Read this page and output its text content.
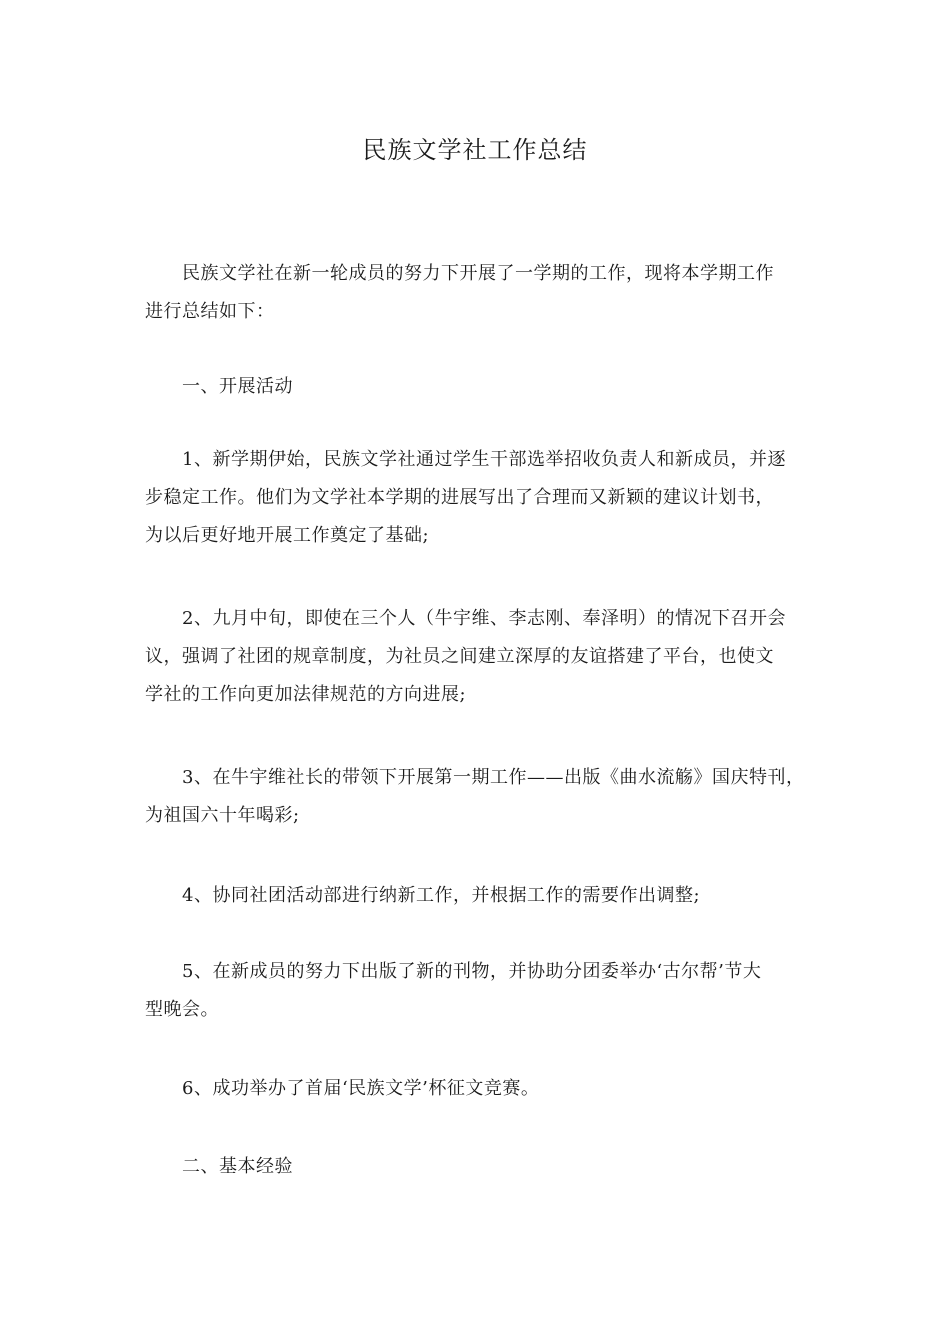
民族文学社工作总结
民族文学社在新一轮成员的努力下开展了一学期的工作，现将本学期工作
进行总结如下：
一、开展活动
1、新学期伊始，民族文学社通过学生干部选举招收负责人和新成员，并逐
步稳定工作。他们为文学社本学期的进展写出了合理而又新颖的建议计划书，
为以后更好地开展工作奠定了基础;
2、九月中旬，即使在三个人（牛宇维、李志刚、奉泽明）的情况下召开会
议，强调了社团的规章制度，为社员之间建立深厚的友谊搭建了平台，也使文
学社的工作向更加法律规范的方向进展;
3、在牛宇维社长的带领下开展第一期工作——出版《曲水流觞》国庆特刊，
为祖国六十年喝彩;
4、协同社团活动部进行纳新工作，并根据工作的需要作出调整;
5、在新成员的努力下出版了新的刊物，并协助分团委举办‘古尔帮’节大
型晚会。
6、成功举办了首届‘民族文学’杯征文竞赛。
二、基本经验
